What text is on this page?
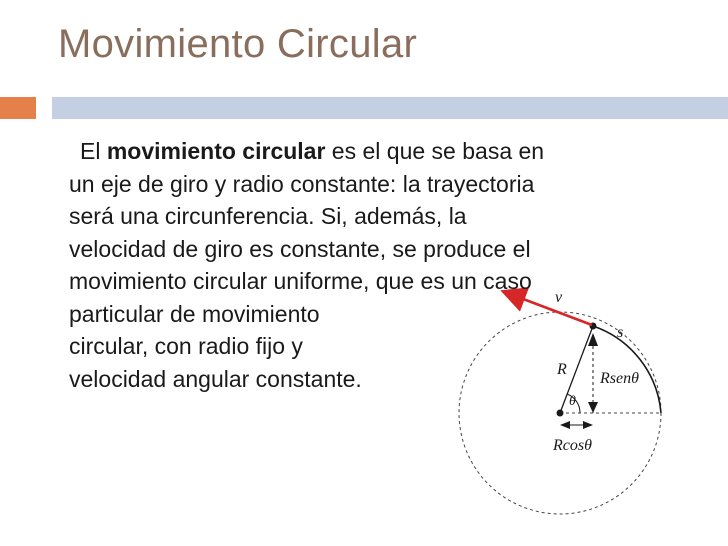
Movimiento Circular
v
s
R
Rsenθ
θ
Rcosθ
El movimiento circular es el que se basa en
un eje de giro y radio constante: la trayectoria
será una circunferencia. Si, además, la
velocidad de giro es constante, se produce el
movimiento circular uniforme, que es un caso
particular de movimiento
circular, con radio fijo y
velocidad angular constante.
